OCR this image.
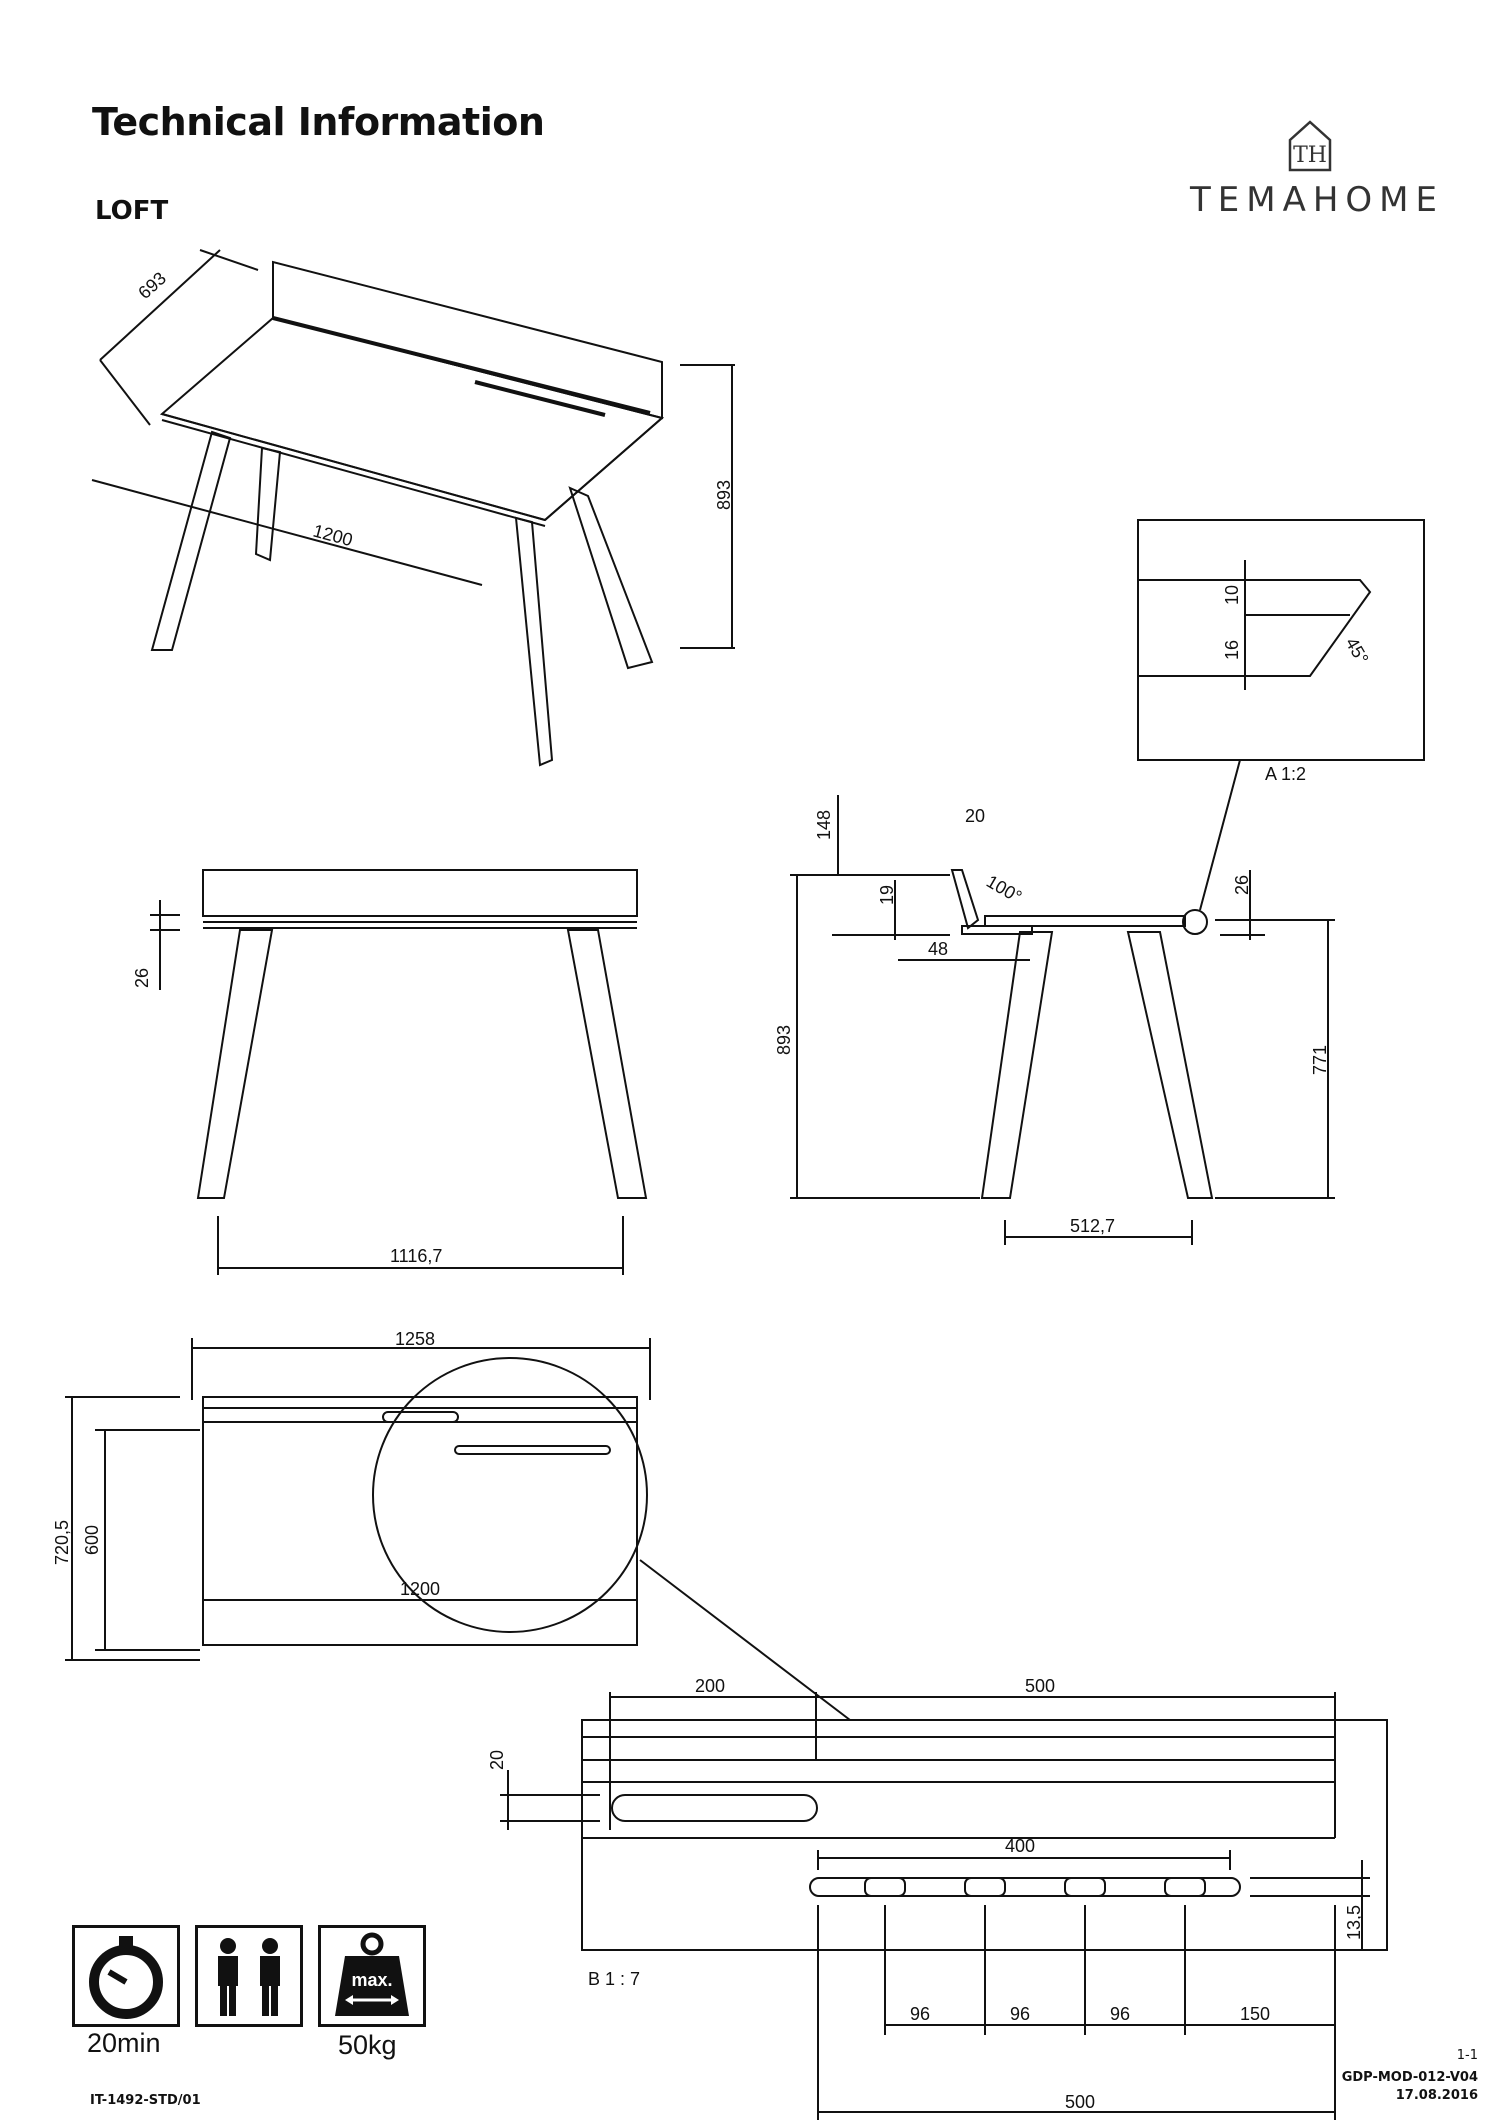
Technical Information
LOFT
TH
TEMAHOME
693
1200
893
26
1116,7
148	20
19	100°
48
893
26
771
512,7
10
16	45°
A 1:2
1258
720,5 600
1200
200	500
20
400
13,5
96	96	96	150
500
B 1 : 7
max.
20min	50kg
IT-1492-STD/01
1-1
GDP-MOD-012-V04
17.08.2016
